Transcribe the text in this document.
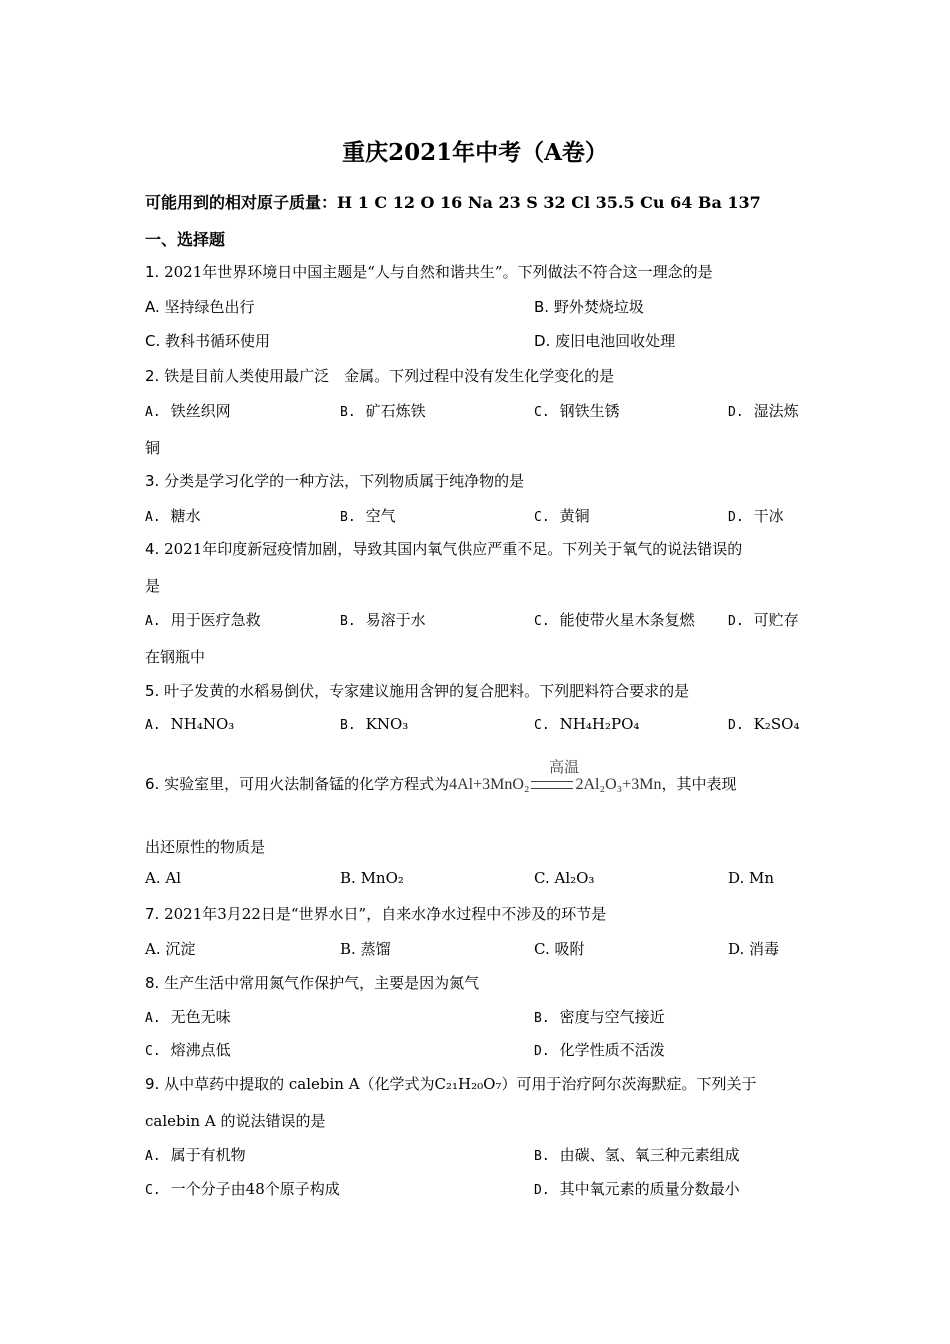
重庆2021年中考（A卷）
可能用到的相对原子质量：H 1 C 12 O 16 Na 23 S 32 Cl 35.5 Cu 64 Ba 137
一、选择题
1. 2021年世界环境日中国主题是“人与自然和谐共生”。下列做法不符合这一理念的是
A. 坚持绿色出行	B. 野外焚烧垃圾
C. 教科书循环使用	D. 废旧电池回收处理
2. 铁是目前人类使用最广泛　金属。下列过程中没有发生化学变化的是
A. 铁丝织网	B. 矿石炼铁	C. 钢铁生锈	D. 湿法炼
铜
3. 分类是学习化学的一种方法，下列物质属于纯净物的是
A. 糖水	B. 空气	C. 黄铜	D. 干冰
4. 2021年印度新冠疫情加剧，导致其国内氧气供应严重不足。下列关于氧气的说法错误的
是
A. 用于医疗急救	B. 易溶于水	C. 能使带火星木条复燃	D. 可贮存
在钢瓶中
5. 叶子发黄的水稻易倒伏，专家建议施用含钾的复合肥料。下列肥料符合要求的是
A. NH₄NO₃	B. KNO₃	C. NH₄H₂PO₄	D. K₂SO₄
6. 实验室里，可用火法制备锰的化学方程式为4Al+3MnO₂
高温
2Al₂O₃+3Mn，其中表现
出还原性的物质是
A. Al	B. MnO₂	C. Al₂O₃	D. Mn
7. 2021年3月22日是“世界水日”，自来水净水过程中不涉及的环节是
A. 沉淀	B. 蒸馏	C. 吸附	D. 消毒
8. 生产生活中常用氮气作保护气，主要是因为氮气
A. 无色无味	B. 密度与空气接近
C. 熔沸点低	D. 化学性质不活泼
9. 从中草药中提取的 calebin A（化学式为C₂₁H₂₀O₇）可用于治疗阿尔茨海默症。下列关于
calebin A 的说法错误的是
A. 属于有机物	B. 由碳、氢、氧三种元素组成
C. 一个分子由48个原子构成	D. 其中氧元素的质量分数最小
